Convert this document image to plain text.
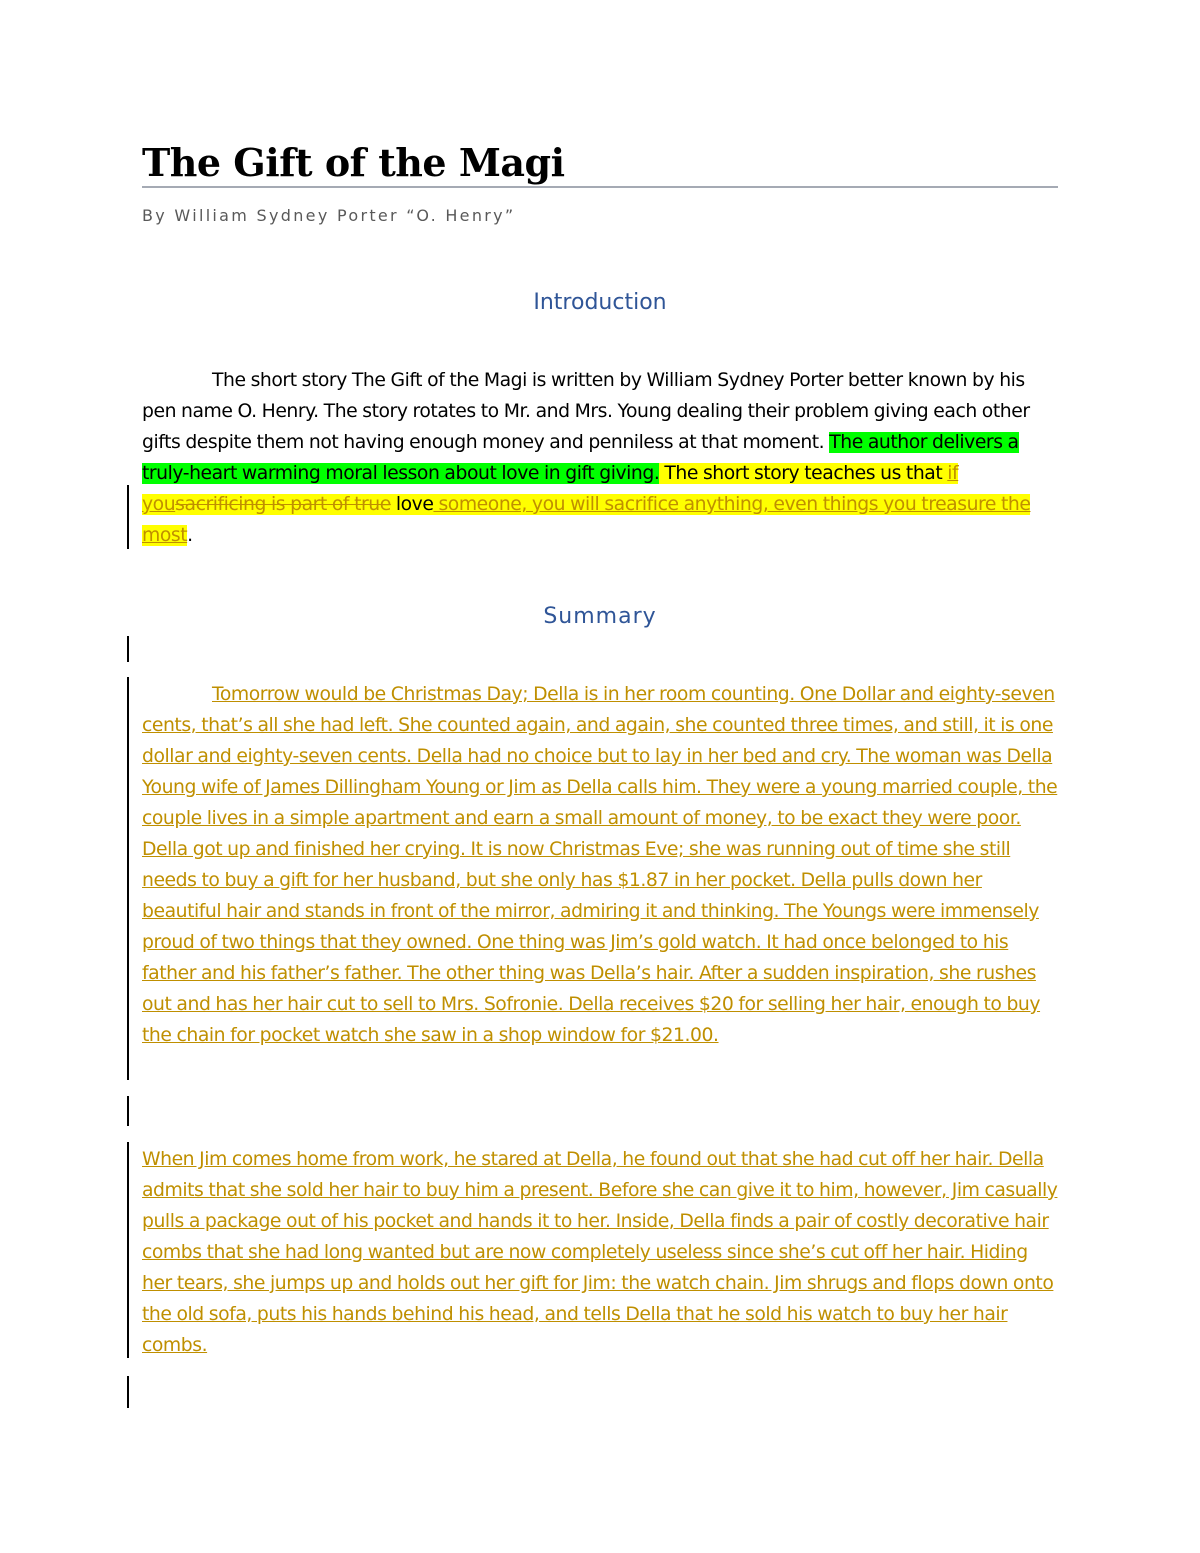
The Gift of the Magi
By William Sydney Porter “O. Henry”
Introduction

The short story The Gift of the Magi is written by William Sydney Porter better known by his pen name O. Henry. The story rotates to Mr. and Mrs. Young dealing their problem giving each other gifts despite them not having enough money and penniless at that moment. The author delivers a truly-heart warming moral lesson about love in gift giving. The short story teaches us that if yousacrificing is part of true love someone, you will sacrifice anything, even things you treasure the most.

Summary

Tomorrow would be Christmas Day; Della is in her room counting. One Dollar and eighty-seven cents, that’s all she had left. She counted again, and again, she counted three times, and still, it is one dollar and eighty-seven cents. Della had no choice but to lay in her bed and cry. The woman was Della Young wife of James Dillingham Young or Jim as Della calls him. They were a young married couple, the couple lives in a simple apartment and earn a small amount of money, to be exact they were poor. Della got up and finished her crying. It is now Christmas Eve; she was running out of time she still needs to buy a gift for her husband, but she only has $1.87 in her pocket. Della pulls down her beautiful hair and stands in front of the mirror, admiring it and thinking. The Youngs were immensely proud of two things that they owned. One thing was Jim’s gold watch. It had once belonged to his father and his father’s father. The other thing was Della’s hair. After a sudden inspiration, she rushes out and has her hair cut to sell to Mrs. Sofronie. Della receives $20 for selling her hair, enough to buy the chain for pocket watch she saw in a shop window for $21.00.

When Jim comes home from work, he stared at Della, he found out that she had cut off her hair. Della admits that she sold her hair to buy him a present. Before she can give it to him, however, Jim casually pulls a package out of his pocket and hands it to her. Inside, Della finds a pair of costly decorative hair combs that she had long wanted but are now completely useless since she’s cut off her hair. Hiding her tears, she jumps up and holds out her gift for Jim: the watch chain. Jim shrugs and flops down onto the old sofa, puts his hands behind his head, and tells Della that he sold his watch to buy her hair combs.
